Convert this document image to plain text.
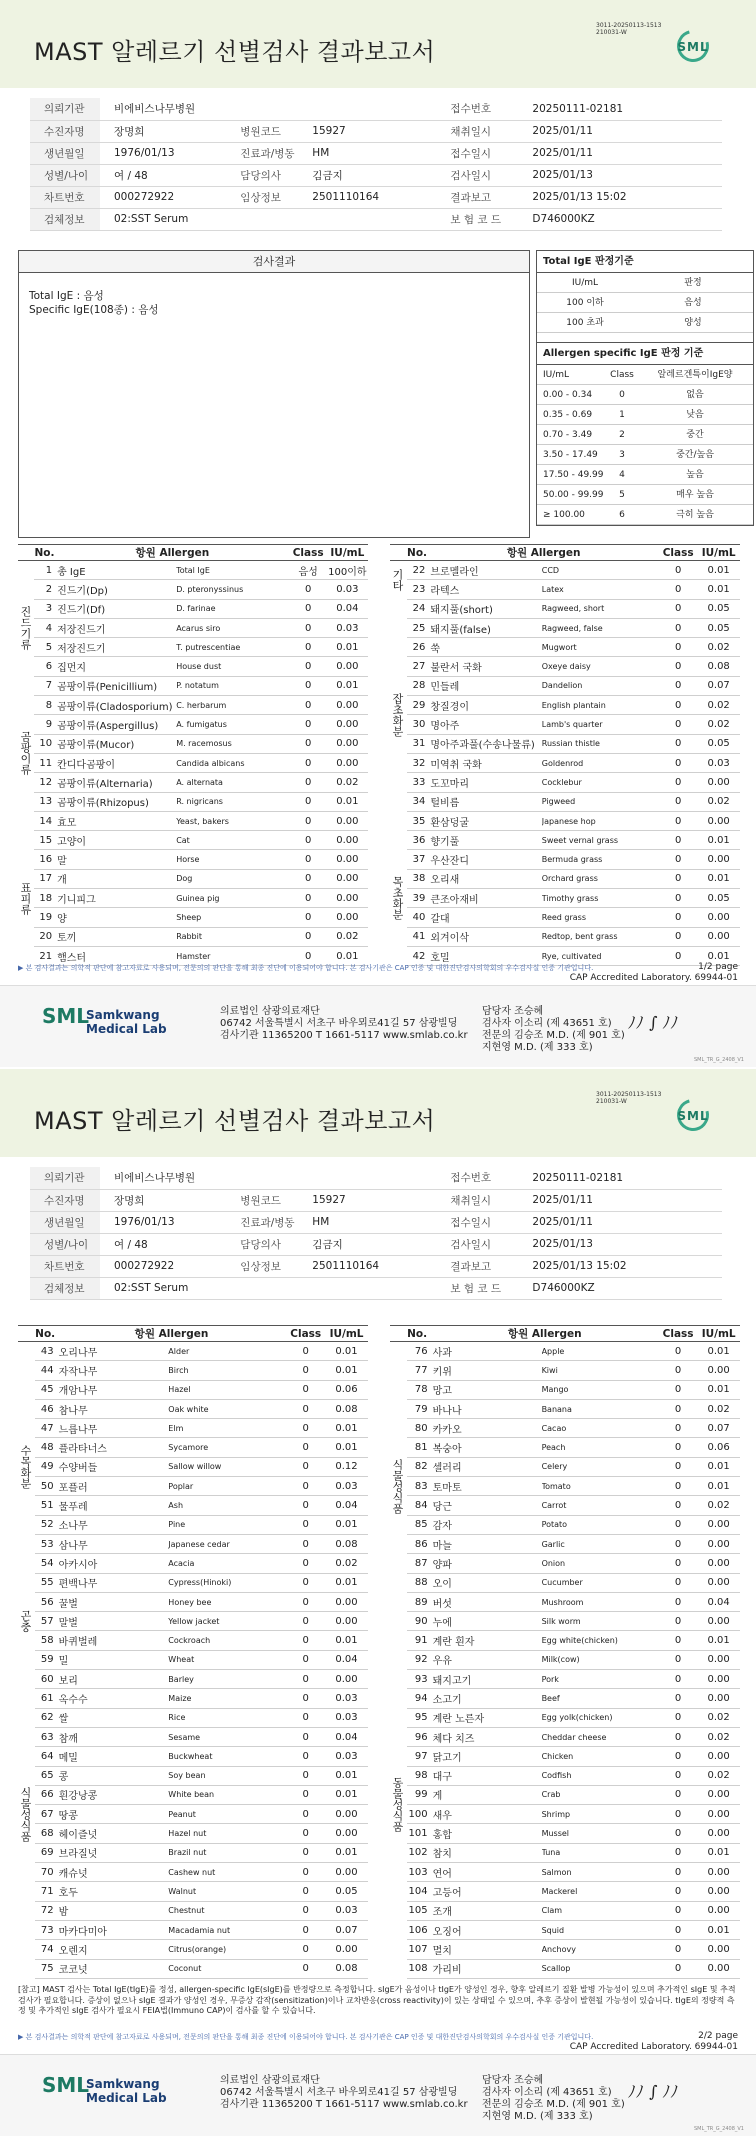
MAST 알레르기 선별검사 결과보고서
3011-20250113-1513
210031-W
SML
의뢰기관	비에비스나무병원			접수번호	20250111-02181
수진자명	장명희	병원코드	15927	채취일시	2025/01/11
생년월일	1976/01/13	진료과/병동	HM	접수일시	2025/01/11
성별/나이	여 / 48	담당의사	김금지	검사일시	2025/01/13
차트번호	000272922	임상정보	2501110164	결과보고	2025/01/13 15:02
검체정보	02:SST Serum			보 험 코 드	D746000KZ
검사결과
Total IgE : 음성
Specific IgE(108종) : 음성
Total IgE 판정기준
IU/mL	판정
100 이하	음성
100 초과	양성
Allergen specific IgE 판정 기준
IU/mL	Class	알레르겐특이IgE양
0.00 - 0.34	0	없음
0.35 - 0.69	1	낮음
0.70 - 3.49	2	중간
3.50 - 17.49	3	중간/높음
17.50 - 49.99	4	높음
50.00 - 99.99	5	매우 높음
≥ 100.00	6	극히 높음
	No.	항원 Allergen		Class	IU/mL
	1	총 IgE	Total IgE	음성	100이하

진드기류	2	진드기(Dp)	D. pteronyssinus	0	0.03
	3	진드기(Df)	D. farinae	0	0.04
	4	저장진드기	Acarus siro	0	0.03
	5	저장진드기	T. putrescentiae	0	0.01
	6	집먼지	House dust	0	0.00

곰팡이류	7	곰팡이류(Penicillium)	P. notatum	0	0.01
	8	곰팡이류(Cladosporium)	C. herbarum	0	0.00
	9	곰팡이류(Aspergillus)	A. fumigatus	0	0.00
	10	곰팡이류(Mucor)	M. racemosus	0	0.00
	11	칸디다곰팡이	Candida albicans	0	0.00
	12	곰팡이류(Alternaria)	A. alternata	0	0.02
	13	곰팡이류(Rhizopus)	R. nigricans	0	0.01
	14	효모	Yeast, bakers	0	0.00

표피류	15	고양이	Cat	0	0.00
	16	말	Horse	0	0.00
	17	개	Dog	0	0.00
	18	기니피그	Guinea pig	0	0.00
	19	양	Sheep	0	0.00
	20	토끼	Rabbit	0	0.02
	21	햄스터	Hamster	0	0.01
	No.	항원 Allergen		Class	IU/mL

기타	22	브로멜라인	CCD	0	0.01
	23	라텍스	Latex	0	0.01

잡초화분	24	돼지풀(short)	Ragweed, short	0	0.05
	25	돼지풀(false)	Ragweed, false	0	0.05
	26	쑥	Mugwort	0	0.02
	27	불란서 국화	Oxeye daisy	0	0.08
	28	민들레	Dandelion	0	0.07
	29	창질경이	English plantain	0	0.02
	30	명아주	Lamb's quarter	0	0.02
	31	명아주과풀(수송나물류)	Russian thistle	0	0.05
	32	미역취 국화	Goldenrod	0	0.03
	33	도꼬마리	Cocklebur	0	0.00
	34	털비름	Pigweed	0	0.02
	35	환삼덩굴	Japanese hop	0	0.00

목초화분	36	향기풀	Sweet vernal grass	0	0.01
	37	우산잔디	Bermuda grass	0	0.00
	38	오리새	Orchard grass	0	0.01
	39	큰조아재비	Timothy grass	0	0.05
	40	갈대	Reed grass	0	0.00
	41	외겨이삭	Redtop, bent grass	0	0.00
	42	호밀	Rye, cultivated	0	0.01
▶ 본 검사결과는 의학적 판단에 참고자료로 사용되며, 전문의의 판단을 통해 최종 진단에 이용되어야 합니다. 본 검사기관은 CAP 인증 및 대한진단검사의학회의 우수검사실 인증 기관입니다.	1/2 page
CAP Accredited Laboratory. 69944-01
SML
Samkwang
Medical Lab
의료법인 삼광의료재단
06742 서울특별시 서초구 바우뫼로41길 57 삼광빌딩
검사기관 11365200 T 1661-5117 www.smlab.co.kr
담당자 조승혜
검사자 이소리 (제 43651 호)
전문의 김승조 M.D. (제 901 호)
지현영 M.D. (제 333 호)
ﾉﾉ ∫ ﾉﾉ
SML_TR_G_2408_V1
MAST 알레르기 선별검사 결과보고서
3011-20250113-1513
210031-W
SML
의뢰기관	비에비스나무병원			접수번호	20250111-02181
수진자명	장명희	병원코드	15927	채취일시	2025/01/11
생년월일	1976/01/13	진료과/병동	HM	접수일시	2025/01/11
성별/나이	여 / 48	담당의사	김금지	검사일시	2025/01/13
차트번호	000272922	임상정보	2501110164	결과보고	2025/01/13 15:02
검체정보	02:SST Serum			보 험 코 드	D746000KZ
	No.	항원 Allergen		Class	IU/mL

수목화분	43	오리나무	Alder	0	0.01
	44	자작나무	Birch	0	0.01
	45	개암나무	Hazel	0	0.06
	46	참나무	Oak white	0	0.08
	47	느릅나무	Elm	0	0.01
	48	플라타너스	Sycamore	0	0.01
	49	수양버들	Sallow willow	0	0.12
	50	포플러	Poplar	0	0.03
	51	물푸레	Ash	0	0.04
	52	소나무	Pine	0	0.01
	53	삼나무	Japanese cedar	0	0.08
	54	아카시아	Acacia	0	0.02
	55	편백나무	Cypress(Hinoki)	0	0.01

곤충	56	꿀벌	Honey bee	0	0.00
	57	말벌	Yellow jacket	0	0.00
	58	바퀴벌레	Cockroach	0	0.01

식물성식품	59	밀	Wheat	0	0.04
	60	보리	Barley	0	0.00
	61	옥수수	Maize	0	0.03
	62	쌀	Rice	0	0.03
	63	참깨	Sesame	0	0.04
	64	메밀	Buckwheat	0	0.03
	65	콩	Soy bean	0	0.01
	66	흰강낭콩	White bean	0	0.01
	67	땅콩	Peanut	0	0.00
	68	헤이즐넛	Hazel nut	0	0.00
	69	브라질넛	Brazil nut	0	0.01
	70	캐슈넛	Cashew nut	0	0.00
	71	호두	Walnut	0	0.05
	72	밤	Chestnut	0	0.03
	73	마카다미아	Macadamia nut	0	0.07
	74	오렌지	Citrus(orange)	0	0.00
	75	코코넛	Coconut	0	0.08
	No.	항원 Allergen		Class	IU/mL

식물성식품	76	사과	Apple	0	0.01
	77	키위	Kiwi	0	0.00
	78	망고	Mango	0	0.01
	79	바나나	Banana	0	0.02
	80	카카오	Cacao	0	0.07
	81	복숭아	Peach	0	0.06
	82	셀러리	Celery	0	0.01
	83	토마토	Tomato	0	0.01
	84	당근	Carrot	0	0.02
	85	감자	Potato	0	0.00
	86	마늘	Garlic	0	0.00
	87	양파	Onion	0	0.00
	88	오이	Cucumber	0	0.00
	89	버섯	Mushroom	0	0.04
	90	누에	Silk worm	0	0.00

동물성식품	91	계란 흰자	Egg white(chicken)	0	0.01
	92	우유	Milk(cow)	0	0.00
	93	돼지고기	Pork	0	0.00
	94	소고기	Beef	0	0.00
	95	계란 노른자	Egg yolk(chicken)	0	0.02
	96	체다 치즈	Cheddar cheese	0	0.02
	97	닭고기	Chicken	0	0.00
	98	대구	Codfish	0	0.02
	99	게	Crab	0	0.00
	100	새우	Shrimp	0	0.00
	101	홍합	Mussel	0	0.00
	102	참치	Tuna	0	0.01
	103	연어	Salmon	0	0.00
	104	고등어	Mackerel	0	0.00
	105	조개	Clam	0	0.00
	106	오징어	Squid	0	0.01
	107	멸치	Anchovy	0	0.00
	108	가리비	Scallop	0	0.00
[참고] MAST 검사는 Total IgE(tIgE)를 정성, allergen-specific IgE(sIgE)를 반정량으로 측정합니다. sIgE가 음성이나 tIgE가 양성인 경우, 향후 알레르기 질환 발병 가능성이 있으며 추가적인 sIgE 및 추적검사가 필요합니다. 증상이 없으나 sIgE 결과가 양성인 경우, 무증상 감작(sensitization)이나 교차반응(cross reactivity)이 있는 상태일 수 있으며, 추후 증상이 발현될 가능성이 있습니다. tIgE의 정량적 측정 및 추가적인 sIgE 검사가 필요시 FEIA법(Immuno CAP)이 검사를 할 수 있습니다.
▶ 본 검사결과는 의학적 판단에 참고자료로 사용되며, 전문의의 판단을 통해 최종 진단에 이용되어야 합니다. 본 검사기관은 CAP 인증 및 대한진단검사의학회의 우수검사실 인증 기관입니다.	2/2 page
CAP Accredited Laboratory. 69944-01
SML
Samkwang
Medical Lab
의료법인 삼광의료재단
06742 서울특별시 서초구 바우뫼로41길 57 삼광빌딩
검사기관 11365200 T 1661-5117 www.smlab.co.kr
담당자 조승혜
검사자 이소리 (제 43651 호)
전문의 김승조 M.D. (제 901 호)
지현영 M.D. (제 333 호)
ﾉﾉ ∫ ﾉﾉ
SML_TR_G_2408_V1
